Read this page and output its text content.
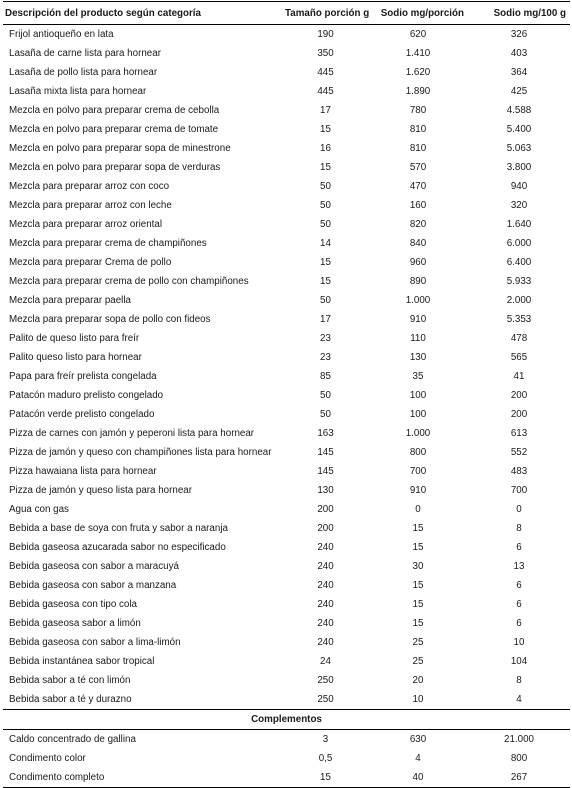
Descripción del producto según categoría	Tamaño porción g	Sodio mg/porción	Sodio mg/100 g
Frijol antioqueño en lata	190	620	326
Lasaña de carne lista para hornear	350	1.410	403
Lasaña de pollo lista para hornear	445	1.620	364
Lasaña mixta lista para hornear	445	1.890	425
Mezcla en polvo para preparar crema de cebolla	17	780	4.588
Mezcla en polvo para preparar crema de tomate	15	810	5.400
Mezcla en polvo para preparar sopa de minestrone	16	810	5.063
Mezcla en polvo para preparar sopa de verduras	15	570	3.800
Mezcla para preparar arroz con coco	50	470	940
Mezcla para preparar arroz con leche	50	160	320
Mezcla para preparar arroz oriental	50	820	1.640
Mezcla para preparar crema de champiñones	14	840	6.000
Mezcla para preparar Crema de pollo	15	960	6.400
Mezcla para preparar crema de pollo con champiñones	15	890	5.933
Mezcla para preparar paella	50	1.000	2.000
Mezcla para preparar sopa de pollo con fideos	17	910	5.353
Palito de queso listo para freír	23	110	478
Palito queso listo para hornear	23	130	565
Papa para freír prelista congelada	85	35	41
Patacón maduro prelisto congelado	50	100	200
Patacón verde prelisto congelado	50	100	200
Pizza de carnes con jamón y peperoni lista para hornear	163	1.000	613
Pizza de jamón y queso con champiñones lista para hornear	145	800	552
Pizza hawaiana lista para hornear	145	700	483
Pizza de jamón y queso lista para hornear	130	910	700
Agua con gas	200	0	0
Bebida a base de soya con fruta y sabor a naranja	200	15	8
Bebida gaseosa azucarada sabor no especificado	240	15	6
Bebida gaseosa con sabor a maracuyá	240	30	13
Bebida gaseosa con sabor a manzana	240	15	6
Bebida gaseosa con tipo cola	240	15	6
Bebida gaseosa sabor a limón	240	15	6
Bebida gaseosa con sabor a lima-limón	240	25	10
Bebida instantánea sabor tropical	24	25	104
Bebida sabor a té con limón	250	20	8
Bebida sabor a té y durazno	250	10	4
Complementos			
Caldo concentrado de gallina	3	630	21.000
Condimento color	0,5	4	800
Condimento completo	15	40	267
